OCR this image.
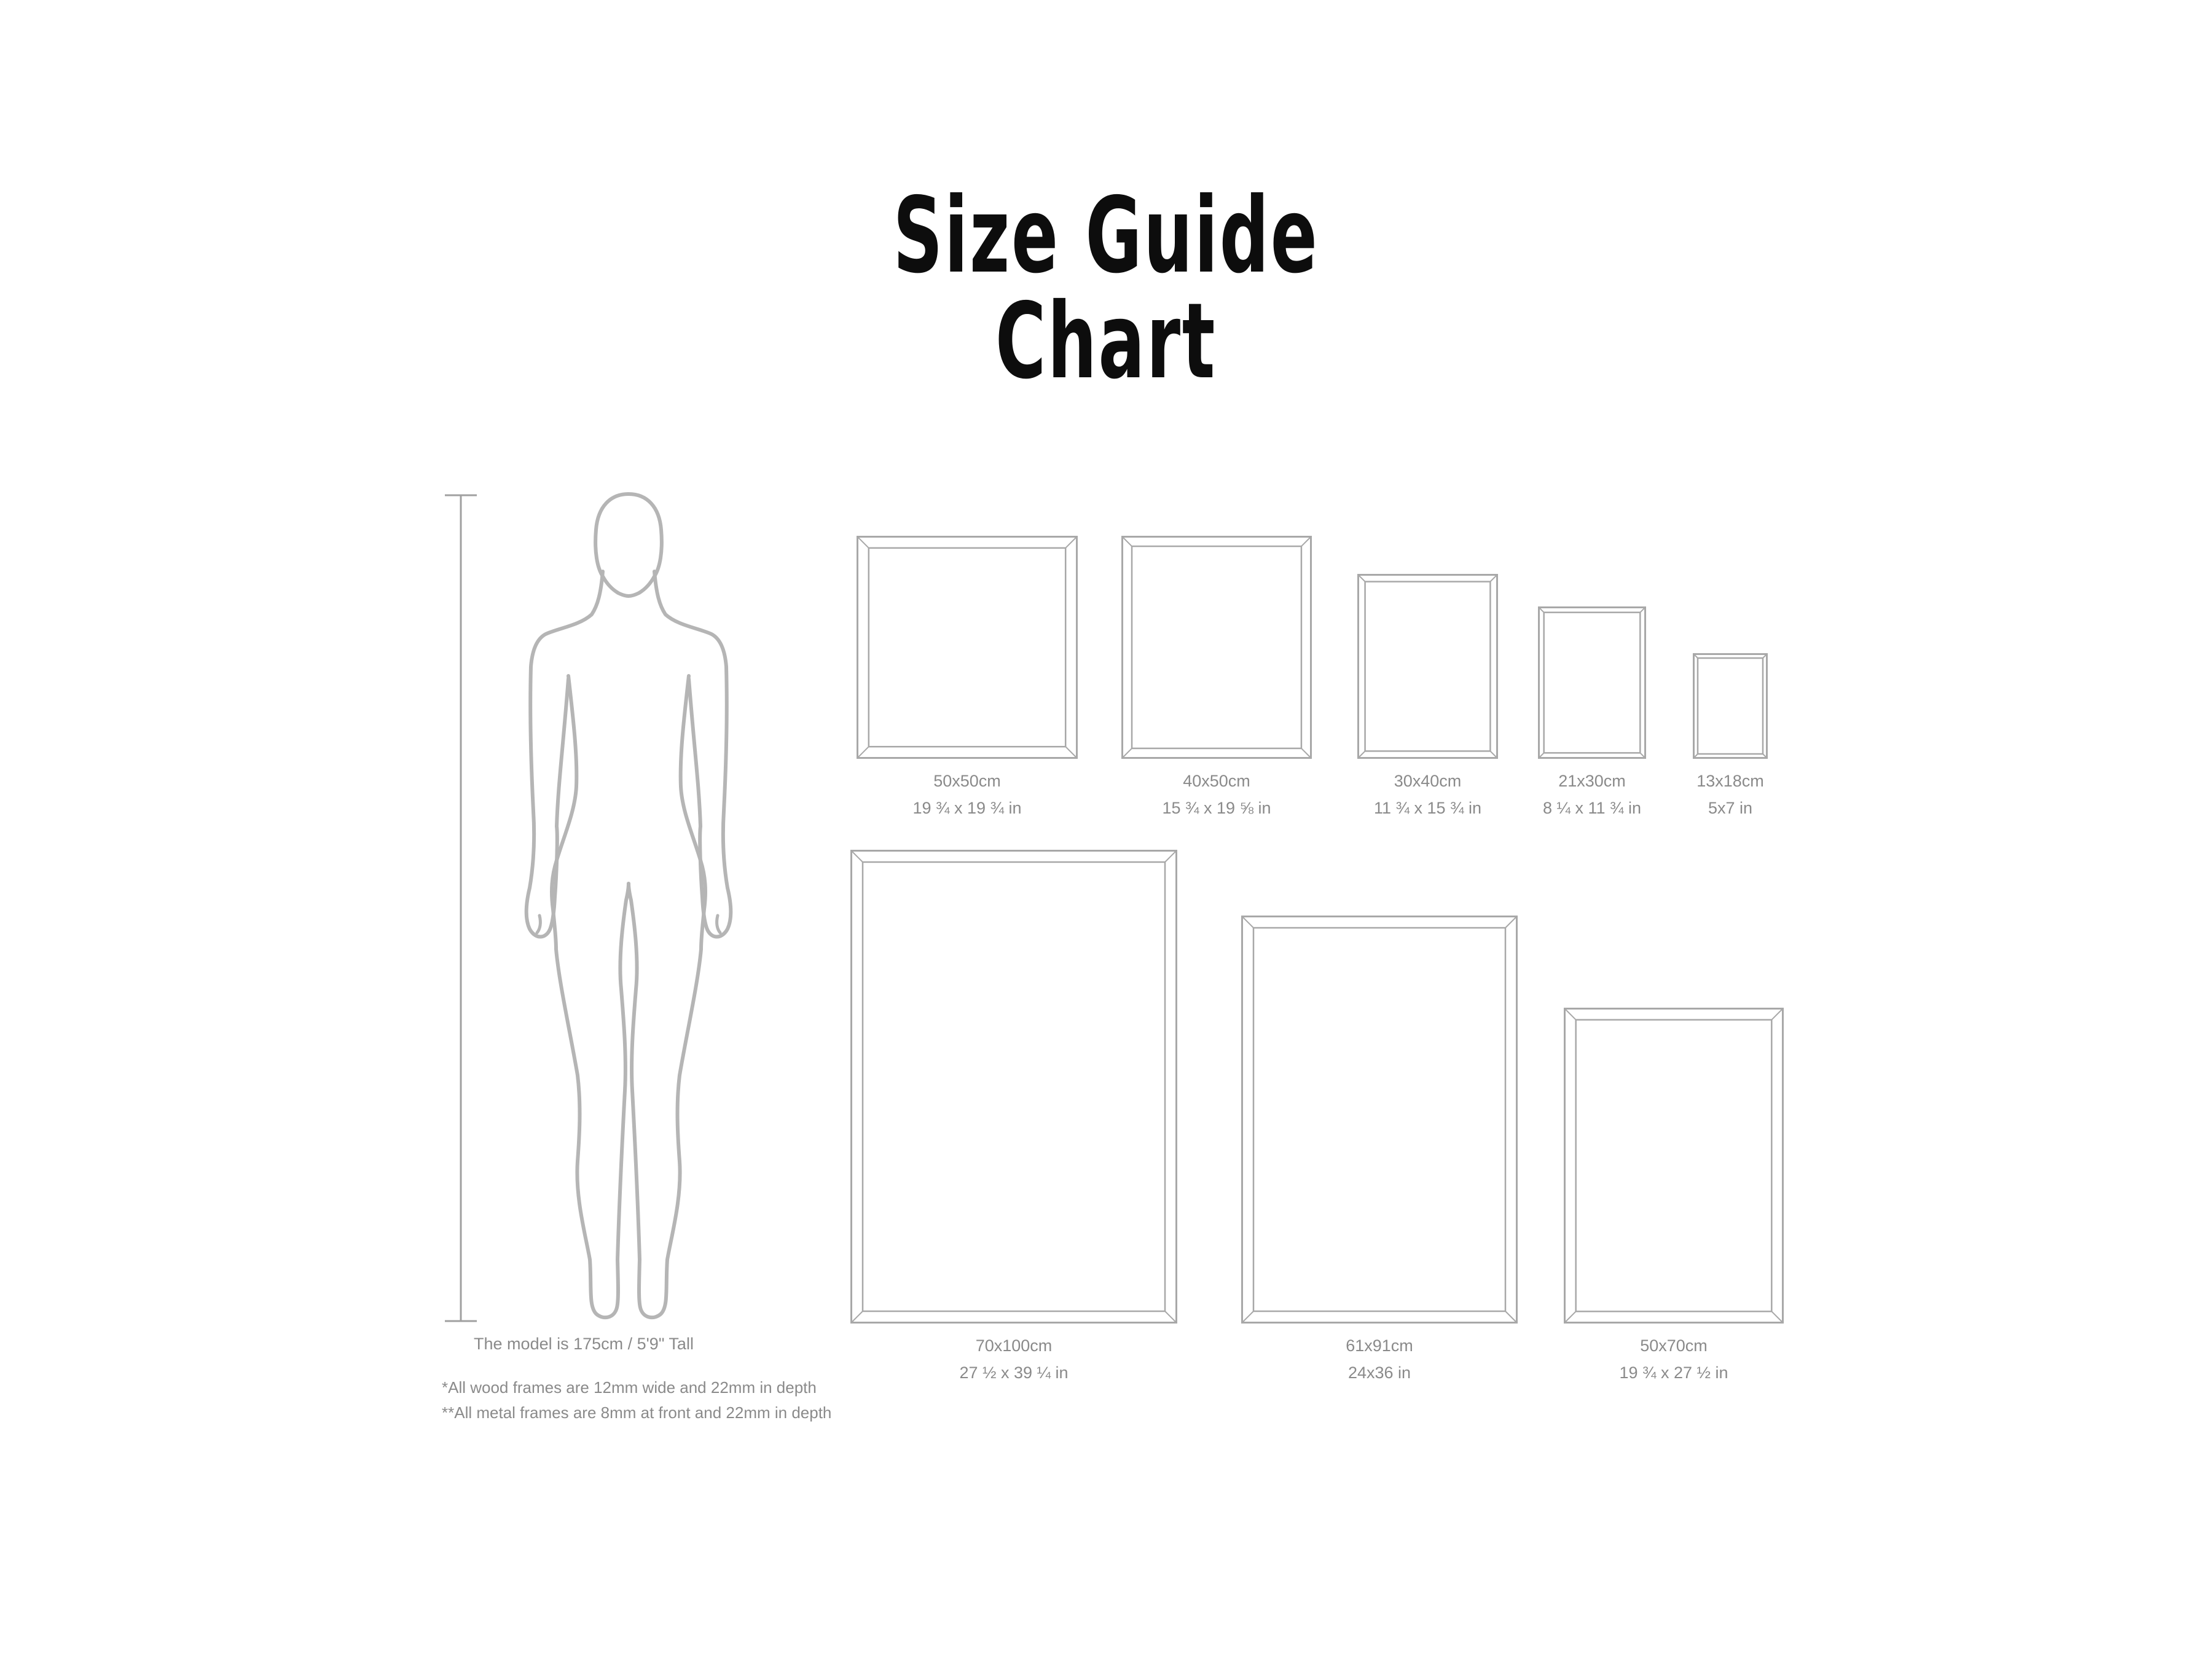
Size Guide
Chart
The model is 175cm / 5'9" Tall
*All wood frames are 12mm wide and 22mm in depth
**All metal frames are 8mm at front and 22mm in depth
50x50cm
19 ¾ x 19 ¾ in
40x50cm
15 ¾ x 19 ⅝ in
30x40cm
11 ¾ x 15 ¾ in
21x30cm
8 ¼ x 11 ¾ in
13x18cm
5x7 in
70x100cm
27 ½ x 39 ¼ in
61x91cm
24x36 in
50x70cm
19 ¾ x 27 ½ in
